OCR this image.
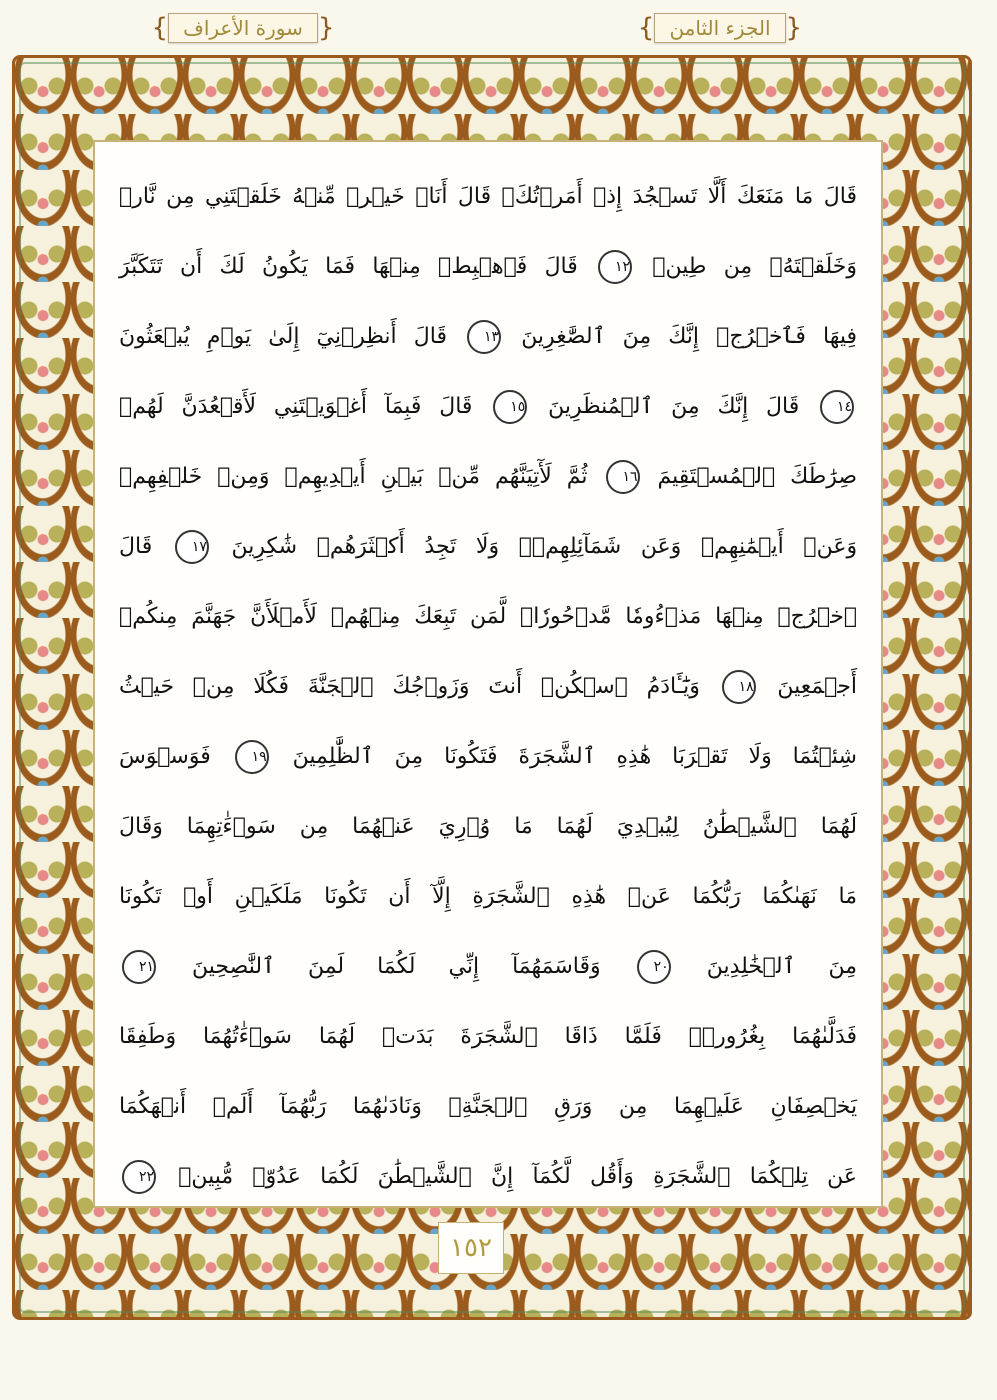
{ سورة الأعراف }	{ الجزء الثامن }
قَالَ مَا مَنَعَكَ أَلَّا تَسۡجُدَ إِذۡ أَمَرۡتُكَۖ قَالَ أَنَا۠ خَيۡرٞ مِّنۡهُ خَلَقۡتَنِي مِن نَّارٖ
وَخَلَقۡتَهُۥ مِن طِينٖ ١٢ قَالَ فَٱهۡبِطۡ مِنۡهَا فَمَا يَكُونُ لَكَ أَن تَتَكَبَّرَ
فِيهَا فَٱخۡرُجۡ إِنَّكَ مِنَ ٱلصَّٰغِرِينَ ١٣ قَالَ أَنظِرۡنِيٓ إِلَىٰ يَوۡمِ يُبۡعَثُونَ
١٤ قَالَ إِنَّكَ مِنَ ٱلۡمُنظَرِينَ ١٥ قَالَ فَبِمَآ أَغۡوَيۡتَنِي لَأَقۡعُدَنَّ لَهُمۡ
صِرَٰطَكَ ٱلۡمُسۡتَقِيمَ ١٦ ثُمَّ لَأٓتِيَنَّهُم مِّنۢ بَيۡنِ أَيۡدِيهِمۡ وَمِنۡ خَلۡفِهِمۡ
وَعَنۡ أَيۡمَٰنِهِمۡ وَعَن شَمَآئِلِهِمۡۖ وَلَا تَجِدُ أَكۡثَرَهُمۡ شَٰكِرِينَ ١٧ قَالَ
ٱخۡرُجۡ مِنۡهَا مَذۡءُومٗا مَّدۡحُورٗاۖ لَّمَن تَبِعَكَ مِنۡهُمۡ لَأَمۡلَأَنَّ جَهَنَّمَ مِنكُمۡ
أَجۡمَعِينَ ١٨ وَيَٰٓـَٔادَمُ ٱسۡكُنۡ أَنتَ وَزَوۡجُكَ ٱلۡجَنَّةَ فَكُلَا مِنۡ حَيۡثُ
شِئۡتُمَا وَلَا تَقۡرَبَا هَٰذِهِ ٱلشَّجَرَةَ فَتَكُونَا مِنَ ٱلظَّٰلِمِينَ ١٩ فَوَسۡوَسَ
لَهُمَا ٱلشَّيۡطَٰنُ لِيُبۡدِيَ لَهُمَا مَا وُۥرِيَ عَنۡهُمَا مِن سَوۡءَٰتِهِمَا وَقَالَ
مَا نَهَىٰكُمَا رَبُّكُمَا عَنۡ هَٰذِهِ ٱلشَّجَرَةِ إِلَّآ أَن تَكُونَا مَلَكَيۡنِ أَوۡ تَكُونَا
مِنَ ٱلۡخَٰلِدِينَ ٢٠ وَقَاسَمَهُمَآ إِنِّي لَكُمَا لَمِنَ ٱلنَّٰصِحِينَ ٢١
فَدَلَّىٰهُمَا بِغُرُورٖۚ فَلَمَّا ذَاقَا ٱلشَّجَرَةَ بَدَتۡ لَهُمَا سَوۡءَٰتُهُمَا وَطَفِقَا
يَخۡصِفَانِ عَلَيۡهِمَا مِن وَرَقِ ٱلۡجَنَّةِۖ وَنَادَىٰهُمَا رَبُّهُمَآ أَلَمۡ أَنۡهَكُمَا
عَن تِلۡكُمَا ٱلشَّجَرَةِ وَأَقُل لَّكُمَآ إِنَّ ٱلشَّيۡطَٰنَ لَكُمَا عَدُوّٞ مُّبِينٞ ٢٢
١٥٢
